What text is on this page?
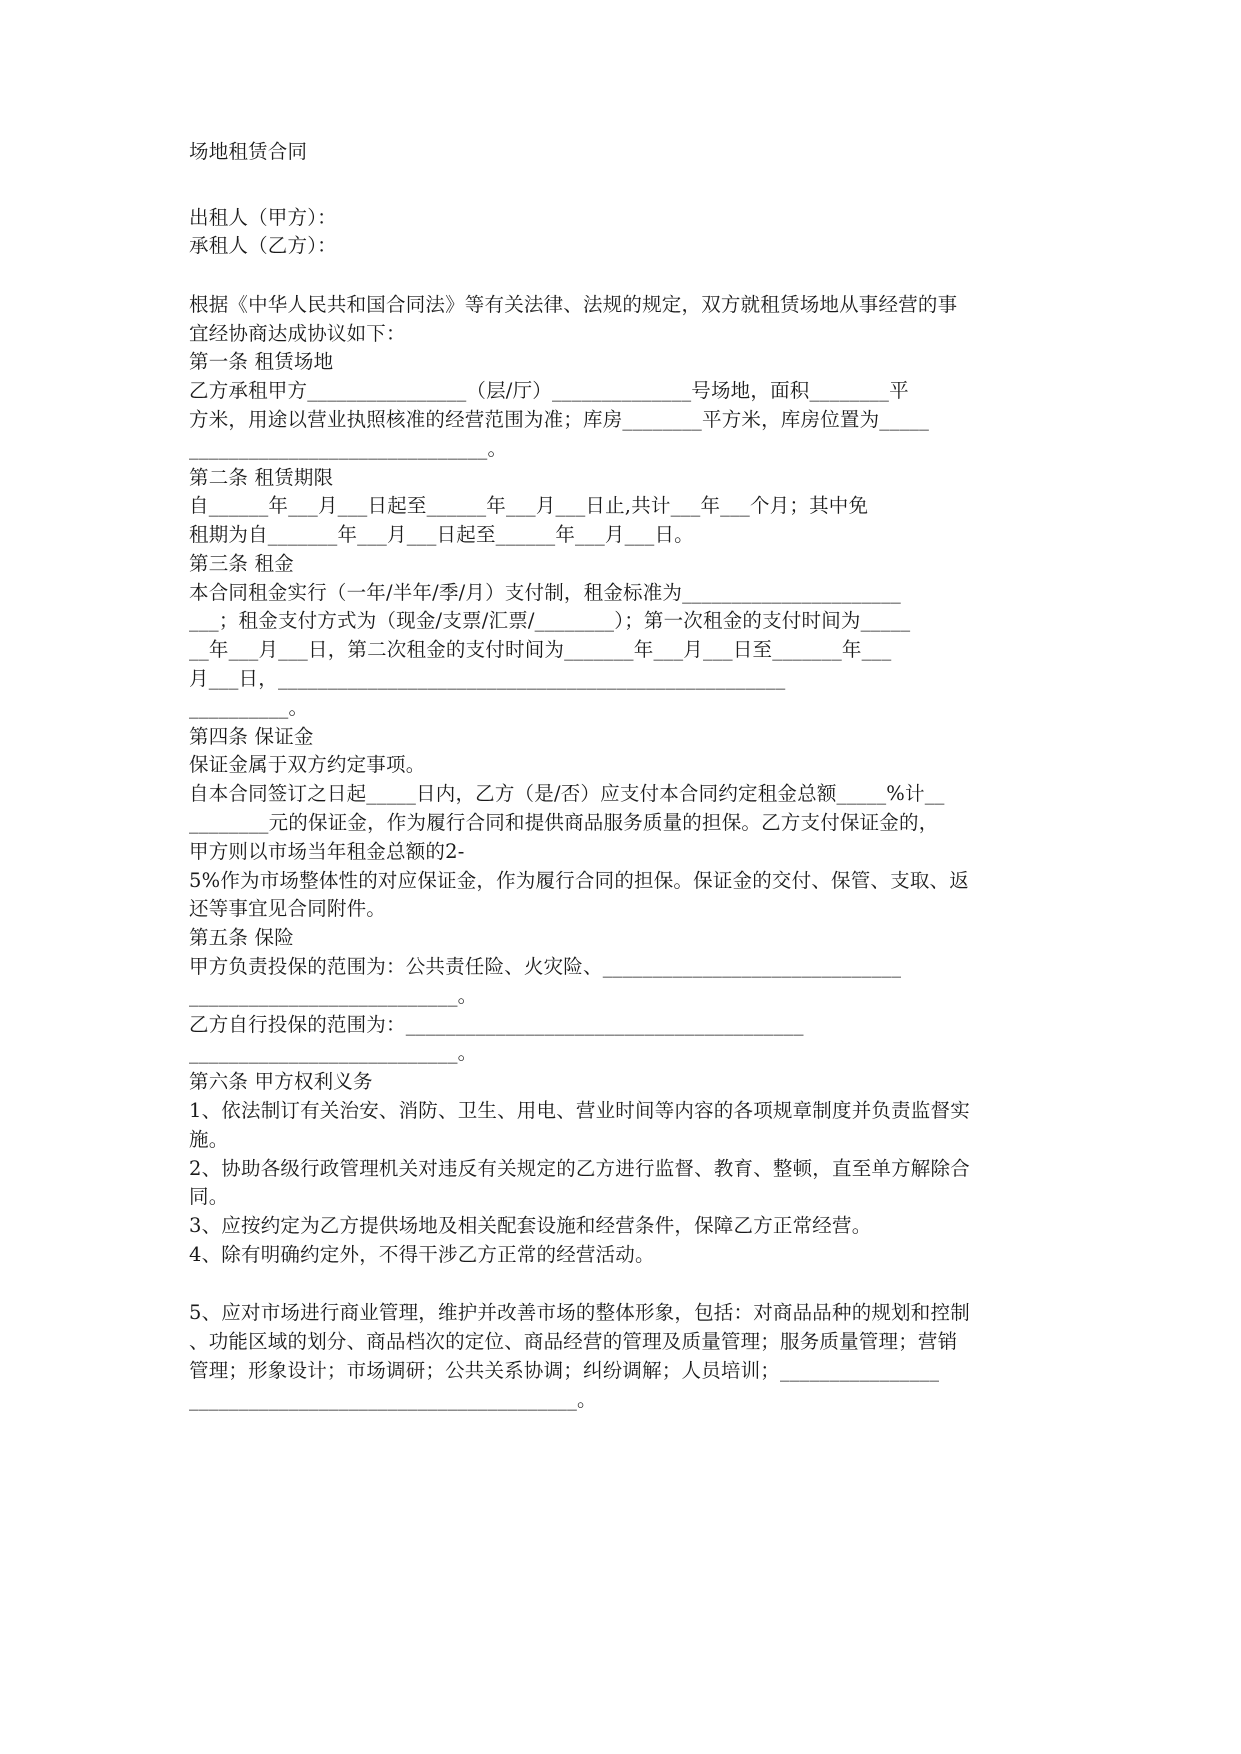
场地租赁合同
出租人（甲方）：
承租人（乙方）：
根据《中华人民共和国合同法》等有关法律、法规的规定，双方就租赁场地从事经营的事
宜经协商达成协议如下：
第一条 租赁场地
乙方承租甲方________________（层/厅）______________号场地，面积________平
方米，用途以营业执照核准的经营范围为准；库房________平方米，库房位置为_____
______________________________。
第二条 租赁期限
自______年___月___日起至______年___月___日止,共计___年___个月；其中免
租期为自_______年___月___日起至______年___月___日。
第三条 租金
本合同租金实行（一年/半年/季/月）支付制，租金标准为______________________
___；租金支付方式为（现金/支票/汇票/________）；第一次租金的支付时间为_____
__年___月___日，第二次租金的支付时间为_______年___月___日至_______年___
月___日，___________________________________________________
__________。
第四条 保证金
保证金属于双方约定事项。
自本合同签订之日起_____日内，乙方（是/否）应支付本合同约定租金总额_____%计__
________元的保证金，作为履行合同和提供商品服务质量的担保。乙方支付保证金的，
甲方则以市场当年租金总额的2-
5%作为市场整体性的对应保证金，作为履行合同的担保。保证金的交付、保管、支取、返
还等事宜见合同附件。
第五条 保险
甲方负责投保的范围为：公共责任险、火灾险、______________________________
___________________________。
乙方自行投保的范围为：________________________________________
___________________________。
第六条 甲方权利义务
1、依法制订有关治安、消防、卫生、用电、营业时间等内容的各项规章制度并负责监督实
施。
2、协助各级行政管理机关对违反有关规定的乙方进行监督、教育、整顿，直至单方解除合
同。
3、应按约定为乙方提供场地及相关配套设施和经营条件，保障乙方正常经营。
4、除有明确约定外，不得干涉乙方正常的经营活动。
5、应对市场进行商业管理，维护并改善市场的整体形象，包括：对商品品种的规划和控制
、功能区域的划分、商品档次的定位、商品经营的管理及质量管理；服务质量管理；营销
管理；形象设计；市场调研；公共关系协调；纠纷调解；人员培训；________________
_______________________________________。
